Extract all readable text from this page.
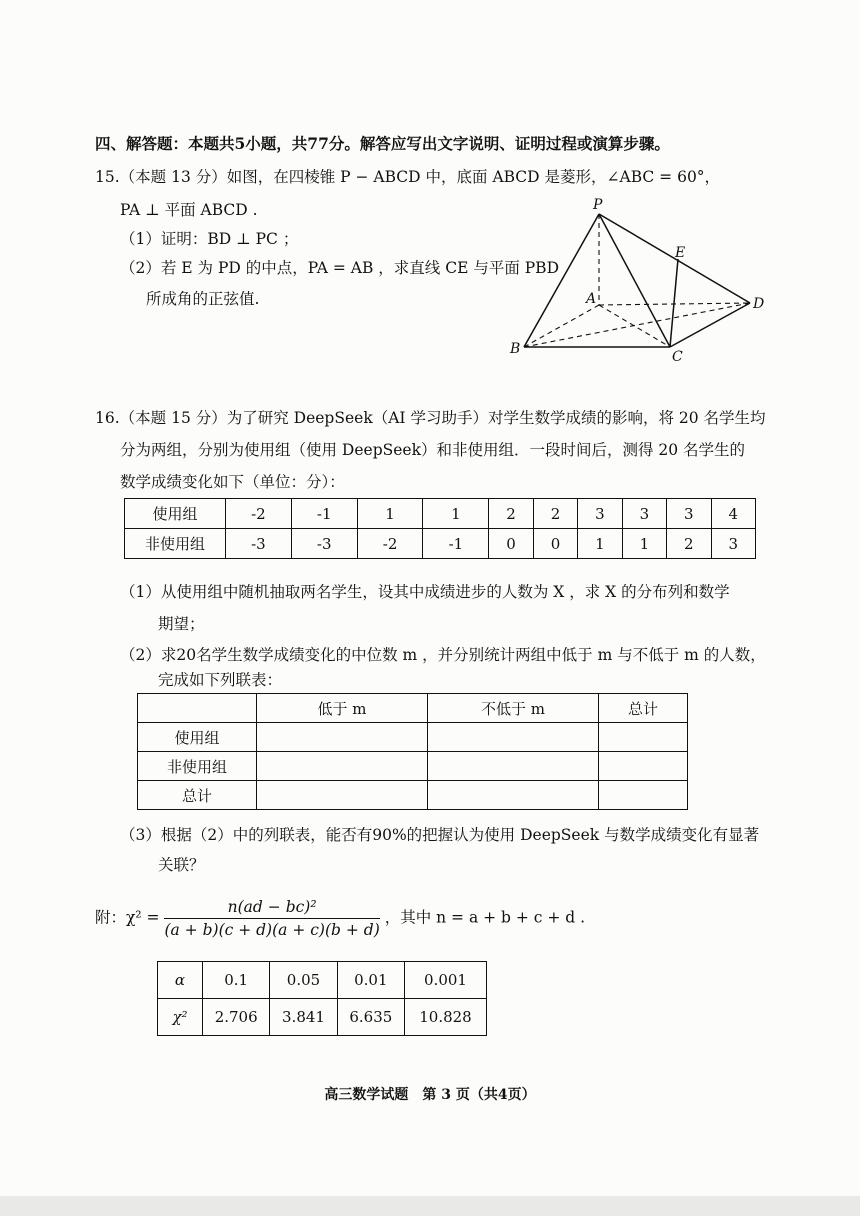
四、解答题：本题共5小题，共77分。解答应写出文字说明、证明过程或演算步骤。
15.（本题 13 分）如图，在四棱锥 P − ABCD 中，底面 ABCD 是菱形，∠ABC = 60°，
PA ⊥ 平面 ABCD .
（1）证明：BD ⊥ PC ；
（2）若 E 为 PD 的中点，PA = AB ，求直线 CE 与平面 PBD
所成角的正弦值.
P
E
A	D
B	C
16.（本题 15 分）为了研究 DeepSeek（AI 学习助手）对学生数学成绩的影响，将 20 名学生均
分为两组，分别为使用组（使用 DeepSeek）和非使用组．一段时间后，测得 20 名学生的
数学成绩变化如下（单位：分）：
使用组	-2	-1	1	1	2	2	3	3	3	4
非使用组	-3	-3	-2	-1	0	0	1	1	2	3
（1）从使用组中随机抽取两名学生，设其中成绩进步的人数为 X ，求 X 的分布列和数学
期望；
（2）求20名学生数学成绩变化的中位数 m ，并分别统计两组中低于 m 与不低于 m 的人数，
完成如下列联表：
	低于 m	不低于 m	总计
使用组			
非使用组			
总计			
（3）根据（2）中的列联表，能否有90%的把握认为使用 DeepSeek 与数学成绩变化有显著
关联？
附：$\chi^2 = \frac{\text{n(ad − bc)²}}{(a + b)(c + d)(a + c)(b + d)}$ ，其中 n = a + b + c + d .
α	0.1	0.05	0.01	0.001
χ²	2.706	3.841	6.635	10.828
高三数学试题　第 3 页（共4页）
